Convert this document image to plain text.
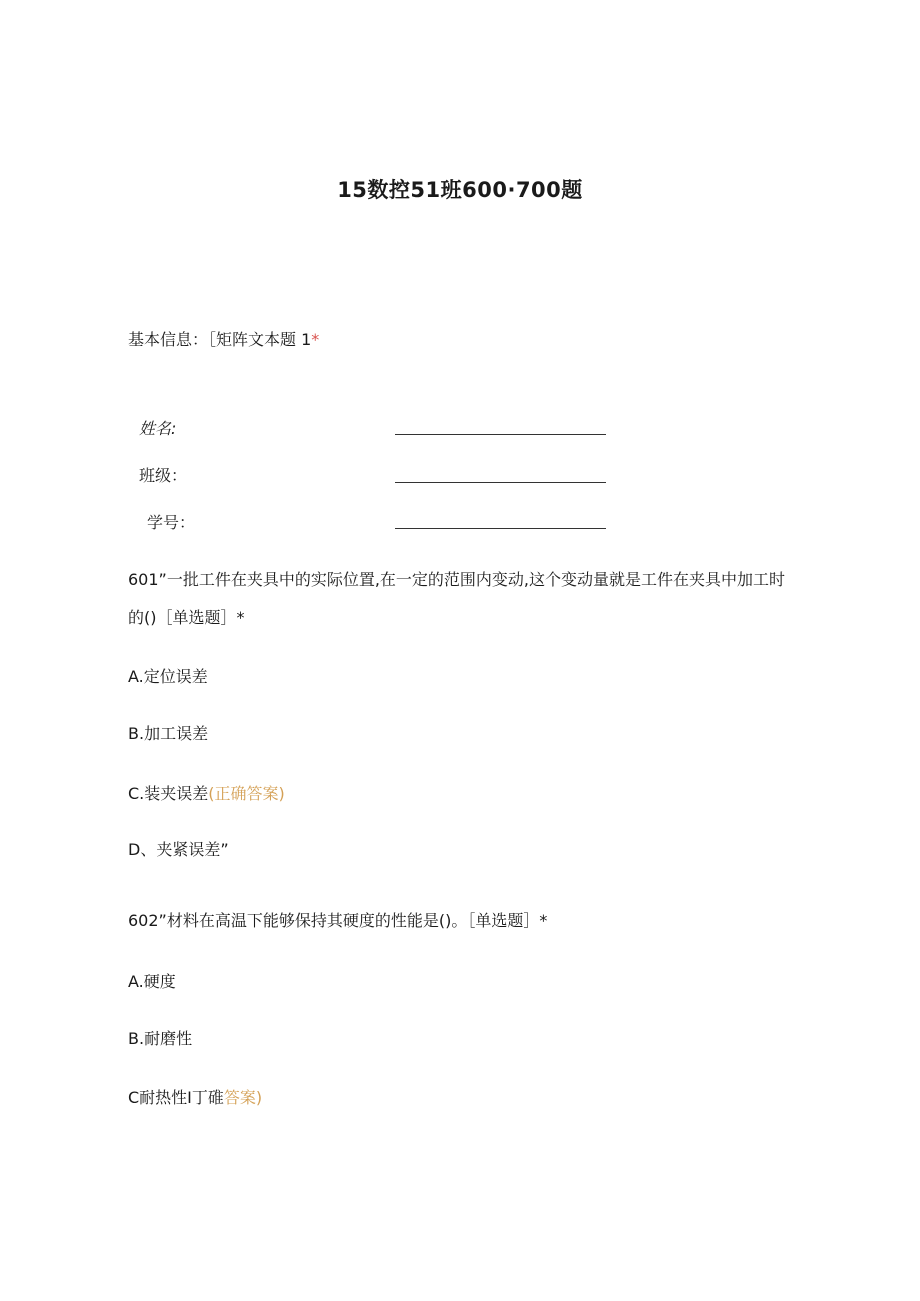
15数控51班600·700题
基本信息：［矩阵文本题 1*
姓名:
班级：
学号：
601”一批工件在夹具中的实际位置,在一定的范围内变动,这个变动量就是工件在夹具中加工时的()［单选题］*
A.定位误差
B.加工误差
C.装夹误差(正确答案)
D、夹紧误差”
602”材料在高温下能够保持其硬度的性能是()。［单选题］*
A.硬度
B.耐磨性
C耐热性I丁碓答案)
